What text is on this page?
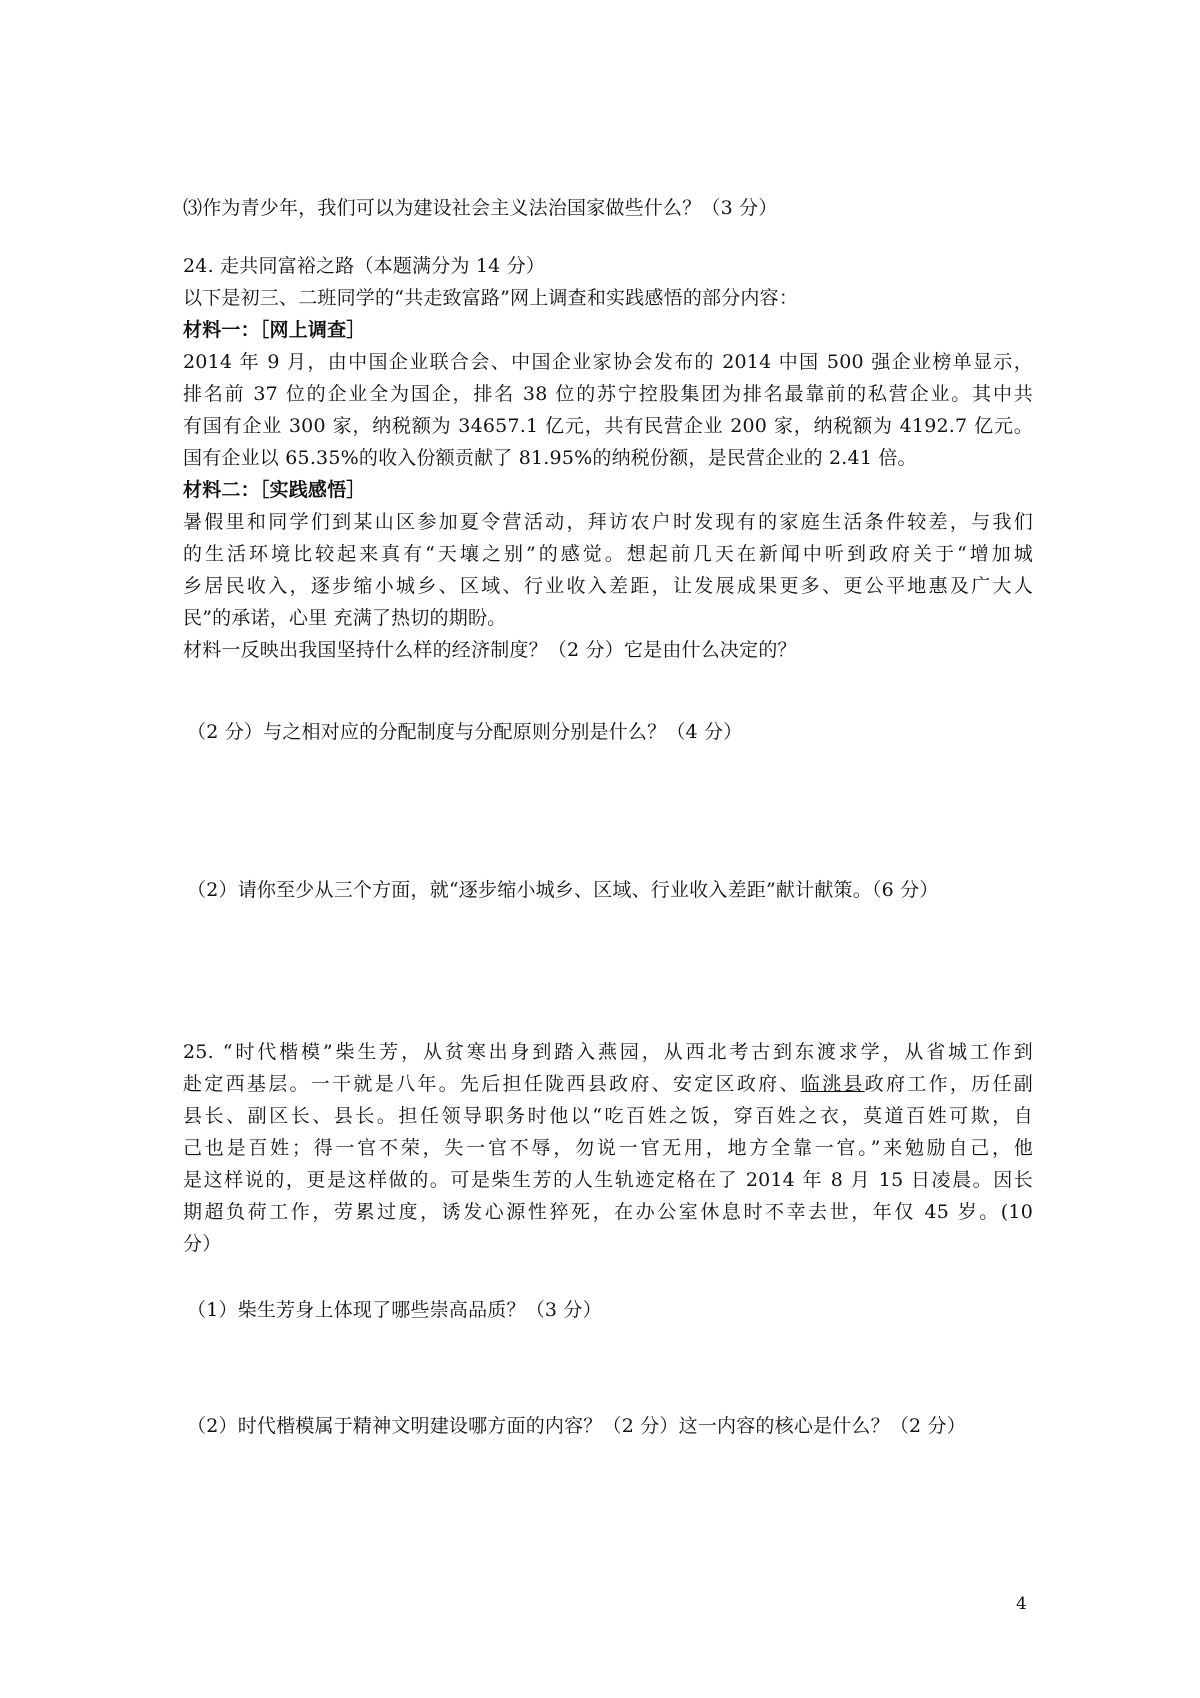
⑶作为青少年，我们可以为建设社会主义法治国家做些什么？（3 分）
24. 走共同富裕之路（本题满分为 14 分）
以下是初三、二班同学的“共走致富路”网上调查和实践感悟的部分内容：
材料一：［网上调查］
2014 年 9 月，由中国企业联合会、中国企业家协会发布的 2014 中国 500 强企业榜单显示，
排名前 37 位的企业全为国企，排名 38 位的苏宁控股集团为排名最靠前的私营企业。其中共
有国有企业 300 家，纳税额为 34657.1 亿元，共有民营企业 200 家，纳税额为 4192.7 亿元。
国有企业以 65.35%的收入份额贡献了 81.95%的纳税份额，是民营企业的 2.41 倍。
材料二：［实践感悟］
暑假里和同学们到某山区参加夏令营活动，拜访农户时发现有的家庭生活条件较差，与我们
的生活环境比较起来真有“天壤之别”的感觉。想起前几天在新闻中听到政府关于“增加城
乡居民收入，逐步缩小城乡、区域、行业收入差距，让发展成果更多、更公平地惠及广大人
民”的承诺，心里 充满了热切的期盼。
材料一反映出我国坚持什么样的经济制度？（2 分）它是由什么决定的？
（2 分）与之相对应的分配制度与分配原则分别是什么？（4 分）
（2）请你至少从三个方面，就“逐步缩小城乡、区域、行业收入差距”献计献策。（6 分）
25. “时代楷模”柴生芳，从贫寒出身到踏入燕园，从西北考古到东渡求学，从省城工作到
赴定西基层。一干就是八年。先后担任陇西县政府、安定区政府、临洮县政府工作，历任副
县长、副区长、县长。担任领导职务时他以“吃百姓之饭，穿百姓之衣，莫道百姓可欺，自
己也是百姓；得一官不荣，失一官不辱，勿说一官无用，地方全靠一官。”来勉励自己，他
是这样说的，更是这样做的。可是柴生芳的人生轨迹定格在了 2014 年 8 月 15 日凌晨。因长
期超负荷工作，劳累过度，诱发心源性猝死，在办公室休息时不幸去世，年仅 45 岁。(10
分）
（1）柴生芳身上体现了哪些崇高品质？（3 分）
（2）时代楷模属于精神文明建设哪方面的内容？（2 分）这一内容的核心是什么？（2 分）
4
